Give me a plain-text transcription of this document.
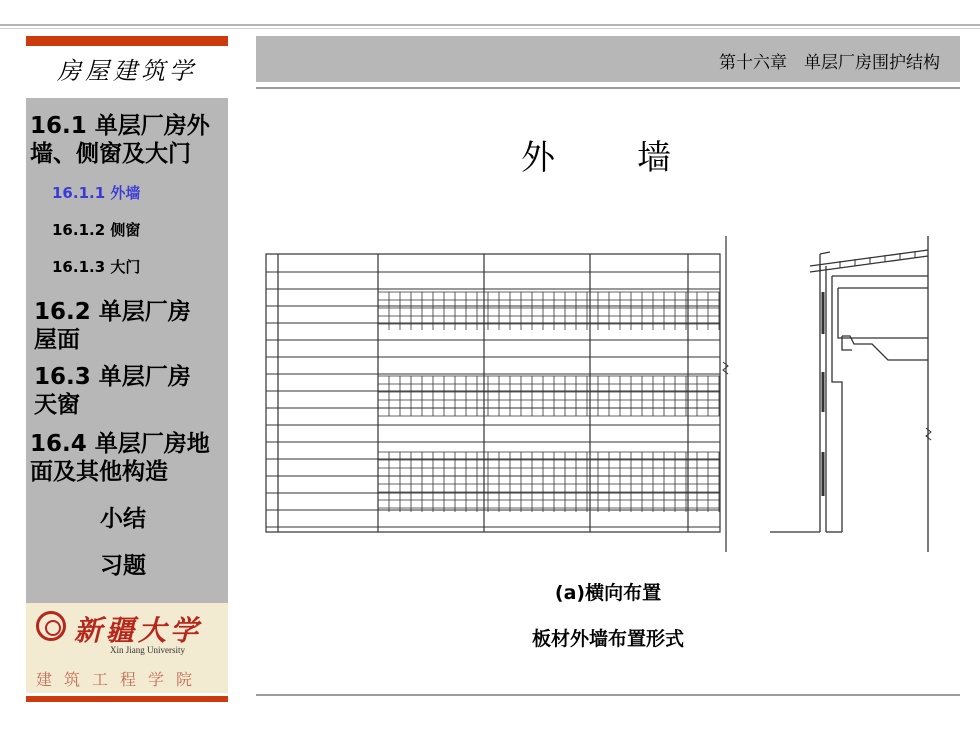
房屋建筑学
16.1 单层厂房外墙、侧窗及大门
16.1.1 外墙
16.1.2 侧窗
16.1.3 大门
16.2 单层厂房屋面
16.3 单层厂房天窗
16.4 单层厂房地面及其他构造
小结
习题
新疆大学
Xin Jiang University
建筑工程学院
第十六章　单层厂房围护结构
外　墙
(a)横向布置
板材外墙布置形式
